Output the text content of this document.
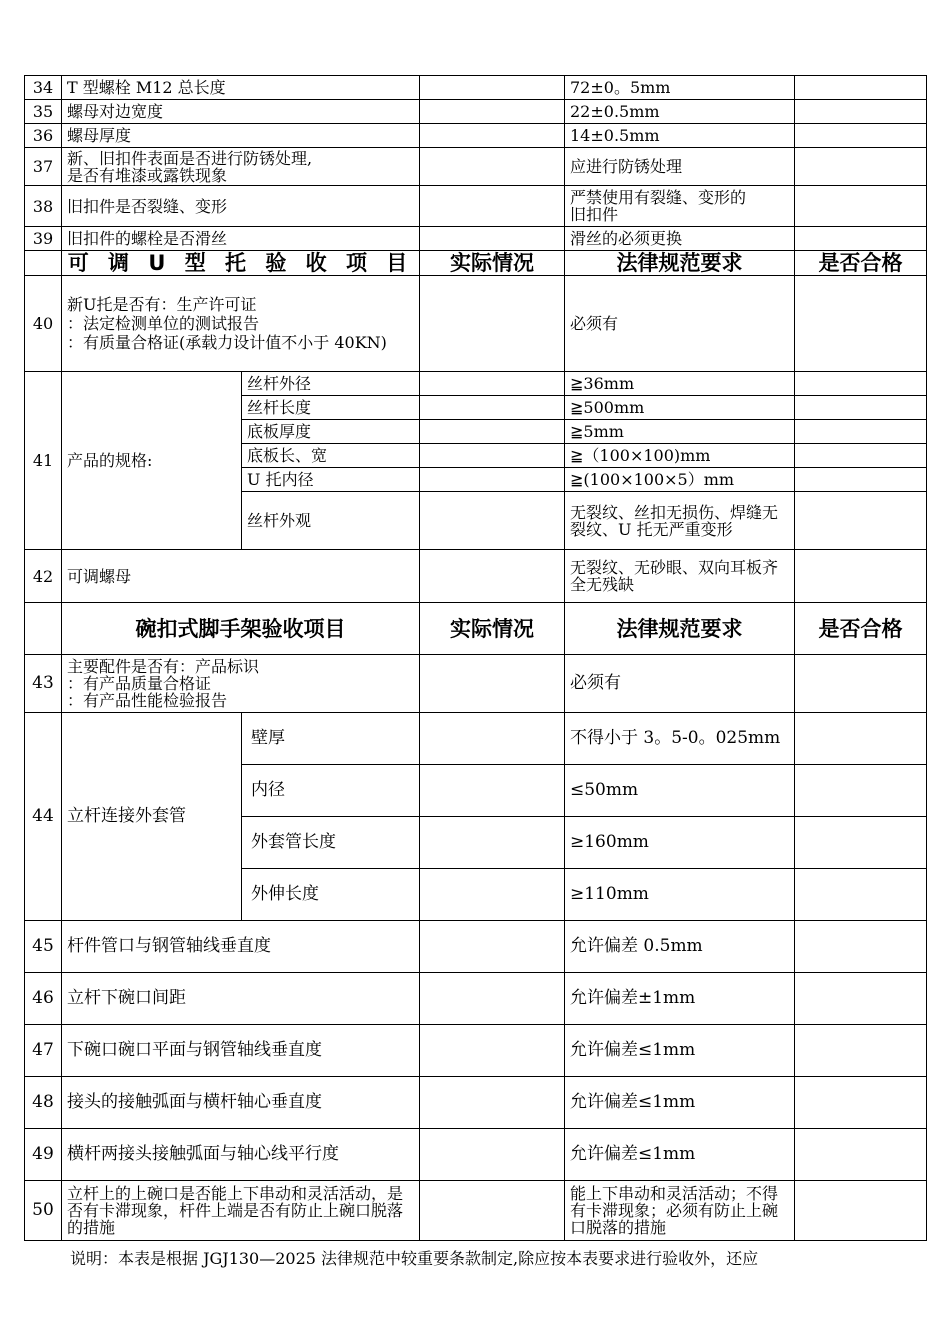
34	T 型螺栓 M12 总长度			72±0。5mm	
35	螺母对边宽度			22±0.5mm	
36	螺母厚度			14±0.5mm	
37	新、旧扣件表面是否进行防锈处理,
是否有堆漆或露铁现象			应进行防锈处理	
38	旧扣件是否裂缝、变形			严禁使用有裂缝、变形的
旧扣件	
39	旧扣件的螺栓是否滑丝			滑丝的必须更换	
	可 调 U 型 托 验 收 项 目		实际情况	法律规范要求	是否合格
40	新U托是否有：生产许可证
：法定检测单位的测试报告
：有质量合格证(承载力设计值不小于 40KN)			必须有	
41	产品的规格:	丝杆外径		≧36mm	
		丝杆长度		≧500mm	
		底板厚度		≧5mm	
		底板长、宽		≧（100×100)mm	
		U 托内径		≧(100×100×5）mm	
		丝杆外观		无裂纹、丝扣无损伤、焊缝无裂纹、U 托无严重变形	
42	可调螺母			无裂纹、无砂眼、双向耳板齐全无残缺	
	碗扣式脚手架验收项目		实际情况	法律规范要求	是否合格
43	主要配件是否有：产品标识
：有产品质量合格证
：有产品性能检验报告			必须有	
44	立杆连接外套管	壁厚		不得小于 3。5-0。025mm	
		内径		≤50mm	
		外套管长度		≥160mm	
		外伸长度		≥110mm	
45	杆件管口与钢管轴线垂直度			允许偏差 0.5mm	
46	立杆下碗口间距			允许偏差±1mm	
47	下碗口碗口平面与钢管轴线垂直度			允许偏差≤1mm	
48	接头的接触弧面与横杆轴心垂直度			允许偏差≤1mm	
49	横杆两接头接触弧面与轴心线平行度			允许偏差≤1mm	
50	立杆上的上碗口是否能上下串动和灵活活动，是否有卡滞现象，杆件上端是否有防止上碗口脱落的措施			能上下串动和灵活活动；不得有卡滞现象；必须有防止上碗口脱落的措施	
说明：本表是根据 JGJ130—2025 法律规范中较重要条款制定,除应按本表要求进行验收外，还应
